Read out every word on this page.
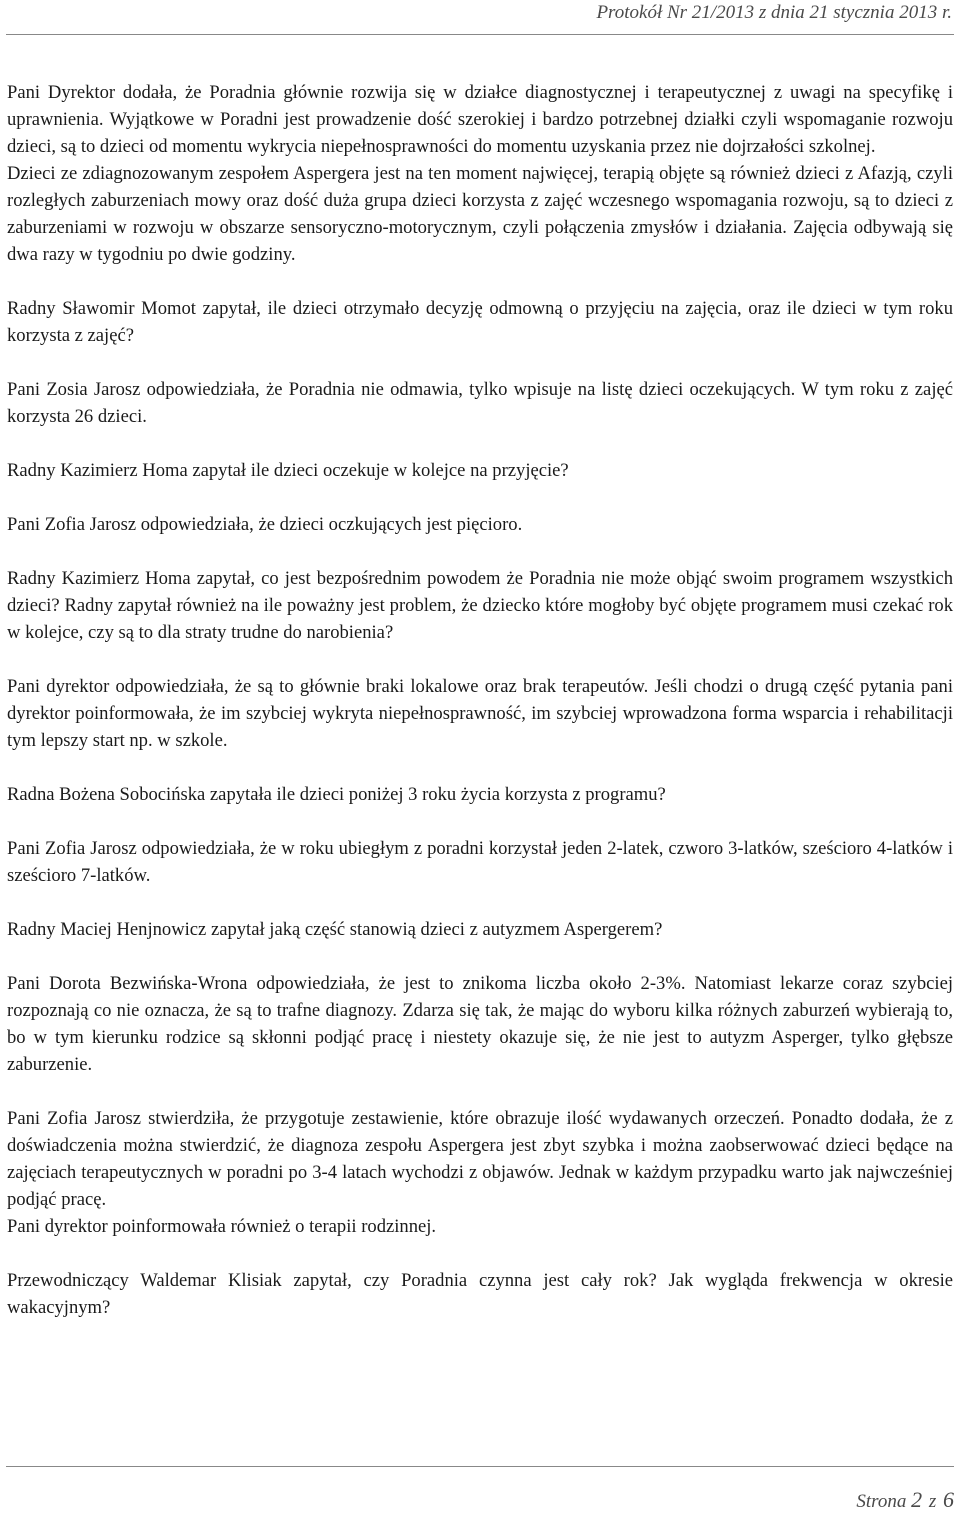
Protokół Nr 21/2013 z dnia 21 stycznia 2013 r.

Pani Dyrektor dodała, że Poradnia głównie rozwija się w działce diagnostycznej i terapeutycznej z uwagi na specyfikę i uprawnienia. Wyjątkowe w Poradni jest prowadzenie dość szerokiej i bardzo potrzebnej działki czyli wspomaganie rozwoju dzieci, są to dzieci od momentu wykrycia niepełnosprawności do momentu uzyskania przez nie dojrzałości szkolnej.

Dzieci ze zdiagnozowanym zespołem Aspergera jest na ten moment najwięcej, terapią objęte są również dzieci z Afazją, czyli rozległych zaburzeniach mowy oraz dość duża grupa dzieci korzysta z zajęć wczesnego wspomagania rozwoju, są to dzieci z zaburzeniami w rozwoju w obszarze sensoryczno-motorycznym, czyli połączenia zmysłów i działania. Zajęcia odbywają się dwa razy w tygodniu po dwie godziny.

Radny Sławomir Momot zapytał, ile dzieci otrzymało decyzję odmowną o przyjęciu na zajęcia, oraz ile dzieci w tym roku korzysta z zajęć?

Pani Zosia Jarosz odpowiedziała, że Poradnia nie odmawia, tylko wpisuje na listę dzieci oczekujących. W tym roku z zajęć korzysta 26 dzieci.

Radny Kazimierz Homa zapytał ile dzieci oczekuje w kolejce na przyjęcie?

Pani Zofia Jarosz odpowiedziała, że dzieci oczkujących jest pięcioro.

Radny Kazimierz Homa zapytał, co jest bezpośrednim powodem że Poradnia nie może objąć swoim programem wszystkich dzieci? Radny zapytał również na ile poważny jest problem, że dziecko które mogłoby być objęte programem musi czekać rok w kolejce, czy są to dla straty trudne do narobienia?

Pani dyrektor odpowiedziała, że są to głównie braki lokalowe oraz brak terapeutów. Jeśli chodzi o drugą część pytania pani dyrektor poinformowała, że im szybciej wykryta niepełnosprawność, im szybciej wprowadzona forma wsparcia i rehabilitacji tym lepszy start np. w szkole.

Radna Bożena Sobocińska zapytała ile dzieci poniżej 3 roku życia korzysta z programu?

Pani Zofia Jarosz odpowiedziała, że w roku ubiegłym z poradni korzystał jeden 2-latek, czworo 3-latków, sześcioro 4-latków i sześcioro 7-latków.

Radny Maciej Henjnowicz zapytał jaką część stanowią dzieci z autyzmem Aspergerem?

Pani Dorota Bezwińska-Wrona odpowiedziała, że jest to znikoma liczba około 2-3%. Natomiast lekarze coraz szybciej rozpoznają co nie oznacza, że są to trafne diagnozy. Zdarza się tak, że mając do wyboru kilka różnych zaburzeń wybierają to, bo w tym kierunku rodzice są skłonni podjąć pracę i niestety okazuje się, że nie jest to autyzm Asperger, tylko głębsze zaburzenie.

Pani Zofia Jarosz stwierdziła, że przygotuje zestawienie, które obrazuje ilość wydawanych orzeczeń. Ponadto dodała, że z doświadczenia można stwierdzić, że diagnoza zespołu Aspergera jest zbyt szybka i można zaobserwować dzieci będące na zajęciach terapeutycznych w poradni po 3-4 latach wychodzi z objawów. Jednak w każdym przypadku warto jak najwcześniej podjąć pracę.

Pani dyrektor poinformowała również o terapii rodzinnej.

Przewodniczący Waldemar Klisiak zapytał, czy Poradnia czynna jest cały rok? Jak wygląda frekwencja w okresie wakacyjnym?

Strona 2 z 6
